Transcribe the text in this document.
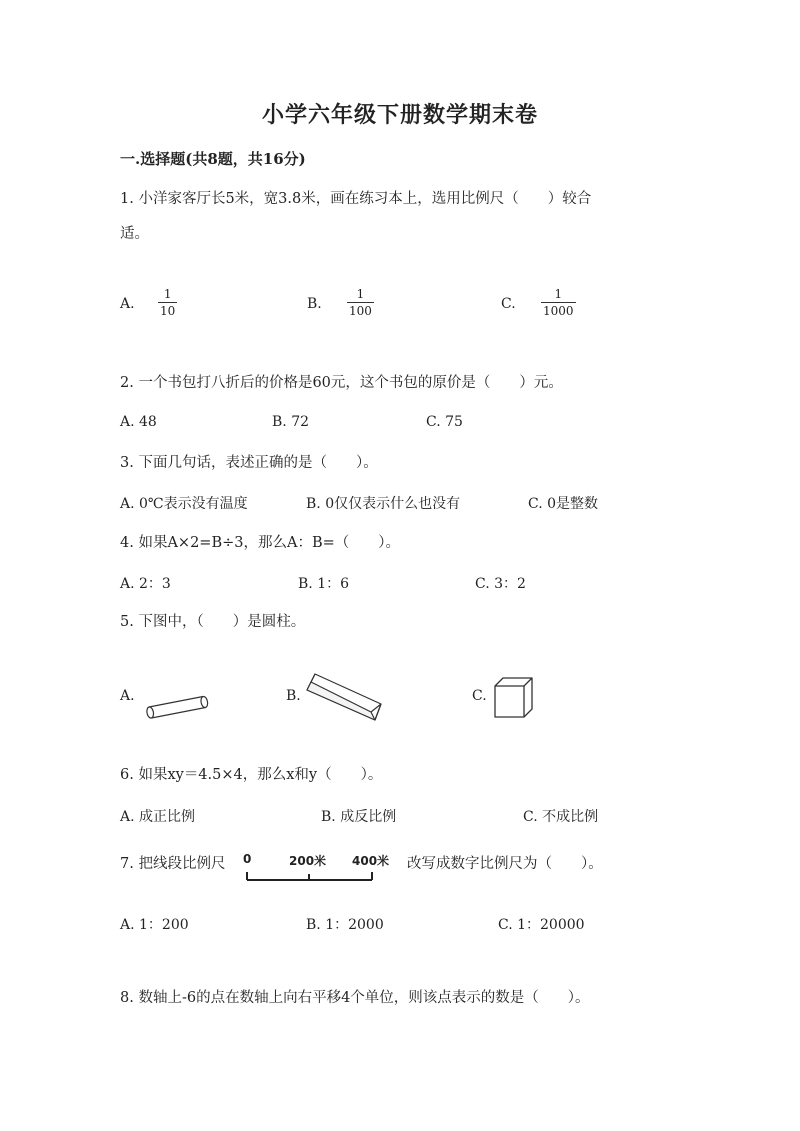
小学六年级下册数学期末卷
一.选择题(共8题，共16分)
1. 小洋家客厅长5米，宽3.8米，画在练习本上，选用比例尺（　　）较合
适。
A. $\frac{1}{10}$	B. $\frac{1}{100}$	C. $\frac{1}{1000}$
2. 一个书包打八折后的价格是60元，这个书包的原价是（　　）元。
A. 48	B. 72	C. 75
3. 下面几句话，表述正确的是（　　）。
A. 0℃表示没有温度	B. 0仅仅表示什么也没有	C. 0是整数
4. 如果A×2=B÷3，那么A：B=（　　）。
A. 2：3	B. 1：6	C. 3：2
5. 下图中，（　　）是圆柱。
A.	B.	C.
6. 如果xy＝4.5×4，那么x和y（　　）。
A. 成正比例	B. 成反比例	C. 不成比例
7. 把线段比例尺 0	200米 400米 改写成数字比例尺为（　　）。
A. 1：200	B. 1：2000	C. 1：20000
8. 数轴上-6的点在数轴上向右平移4个单位，则该点表示的数是（　　）。
